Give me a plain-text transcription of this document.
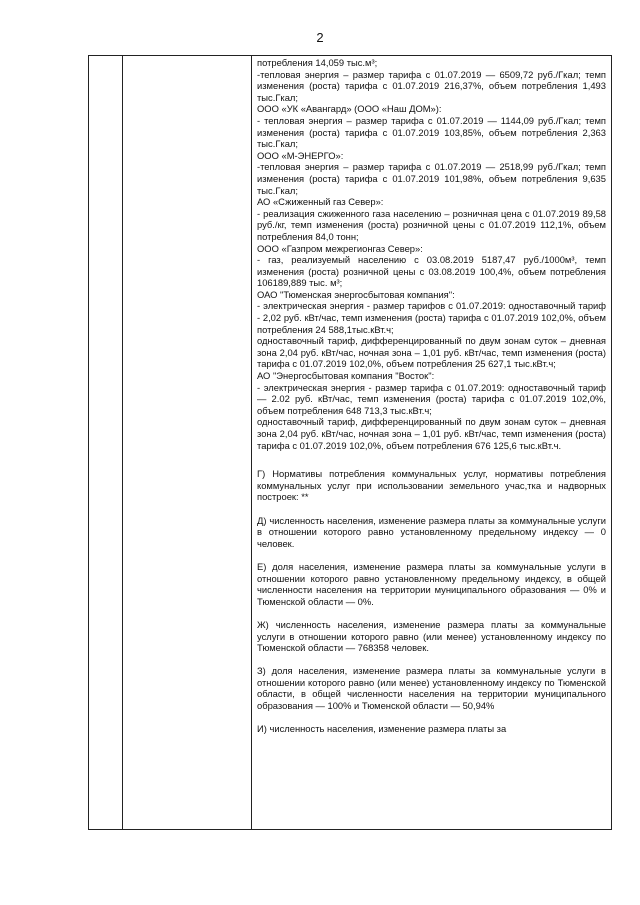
2

потребления 14,059 тыс.м³;

-тепловая энергия – размер тарифа с 01.07.2019 — 6509,72 руб./Гкал; темп изменения (роста) тарифа с 01.07.2019 216,37%, объем потребления 1,493 тыс.Гкал;

ООО «УК «Авангард» (ООО «Наш ДОМ»):

- тепловая энергия – размер тарифа с 01.07.2019 — 1144,09 руб./Гкал; темп изменения (роста) тарифа с 01.07.2019 103,85%, объем потребления 2,363 тыс.Гкал;

ООО «М-ЭНЕРГО»:

-тепловая энергия – размер тарифа с 01.07.2019 — 2518,99 руб./Гкал; темп изменения (роста) тарифа с 01.07.2019 101,98%, объем потребления 9,635 тыс.Гкал;

АО «Сжиженный газ Север»:

- реализация сжиженного газа населению – розничная цена с 01.07.2019 89,58 руб./кг, темп изменения (роста) розничной цены с 01.07.2019 112,1%, объем потребления 84,0 тонн;

ООО «Газпром межрегионгаз Север»:

- газ, реализуемый населению с 03.08.2019 5187,47 руб./1000м³, темп изменения (роста) розничной цены с 03.08.2019 100,4%, объем потребления 106189,889 тыс. м³;

ОАО "Тюменская энергосбытовая компания":

- электрическая энергия - размер тарифов с 01.07.2019: одноставочный тариф - 2,02 руб. кВт/час, темп изменения (роста) тарифа с 01.07.2019 102,0%, объем потребления 24 588,1тыс.кВт.ч;

одноставочный тариф, дифференцированный по двум зонам суток – дневная зона 2,04 руб. кВт/час, ночная зона – 1,01 руб. кВт/час, темп изменения (роста) тарифа с 01.07.2019 102,0%, объем потребления 25 627,1 тыс.кВт.ч;

АО "Энергосбытовая компания "Восток":

- электрическая энергия - размер тарифа с 01.07.2019: одноставочный тариф — 2.02 руб. кВт/час, темп изменения (роста) тарифа с 01.07.2019 102,0%, объем потребления 648 713,3 тыс.кВт.ч;

одноставочный тариф, дифференцированный по двум зонам суток – дневная зона 2,04 руб. кВт/час, ночная зона – 1,01 руб. кВт/час, темп изменения (роста) тарифа с 01.07.2019 102,0%, объем потребления 676 125,6 тыс.кВт.ч.

Г) Нормативы потребления коммунальных услуг, нормативы потребления коммунальных услуг при использовании земельного учас,тка и надворных построек: **

Д) численность населения, изменение размера платы за коммунальные услуги в отношении которого равно установленному предельному индексу — 0 человек.

Е) доля населения, изменение размера платы за коммунальные услуги в отношении которого равно установленному предельному индексу, в общей численности населения на территории муниципального образования — 0% и Тюменской области — 0%.

Ж) численность населения, изменение размера платы за коммунальные услуги в отношении которого равно (или менее) установленному индексу по Тюменской области — 768358 человек.

З) доля населения, изменение размера платы за коммунальные услуги в отношении которого равно (или менее) установленному индексу по Тюменской области, в общей численности населения на территории муниципального образования — 100% и Тюменской области — 50,94%

И) численность населения, изменение размера платы за
